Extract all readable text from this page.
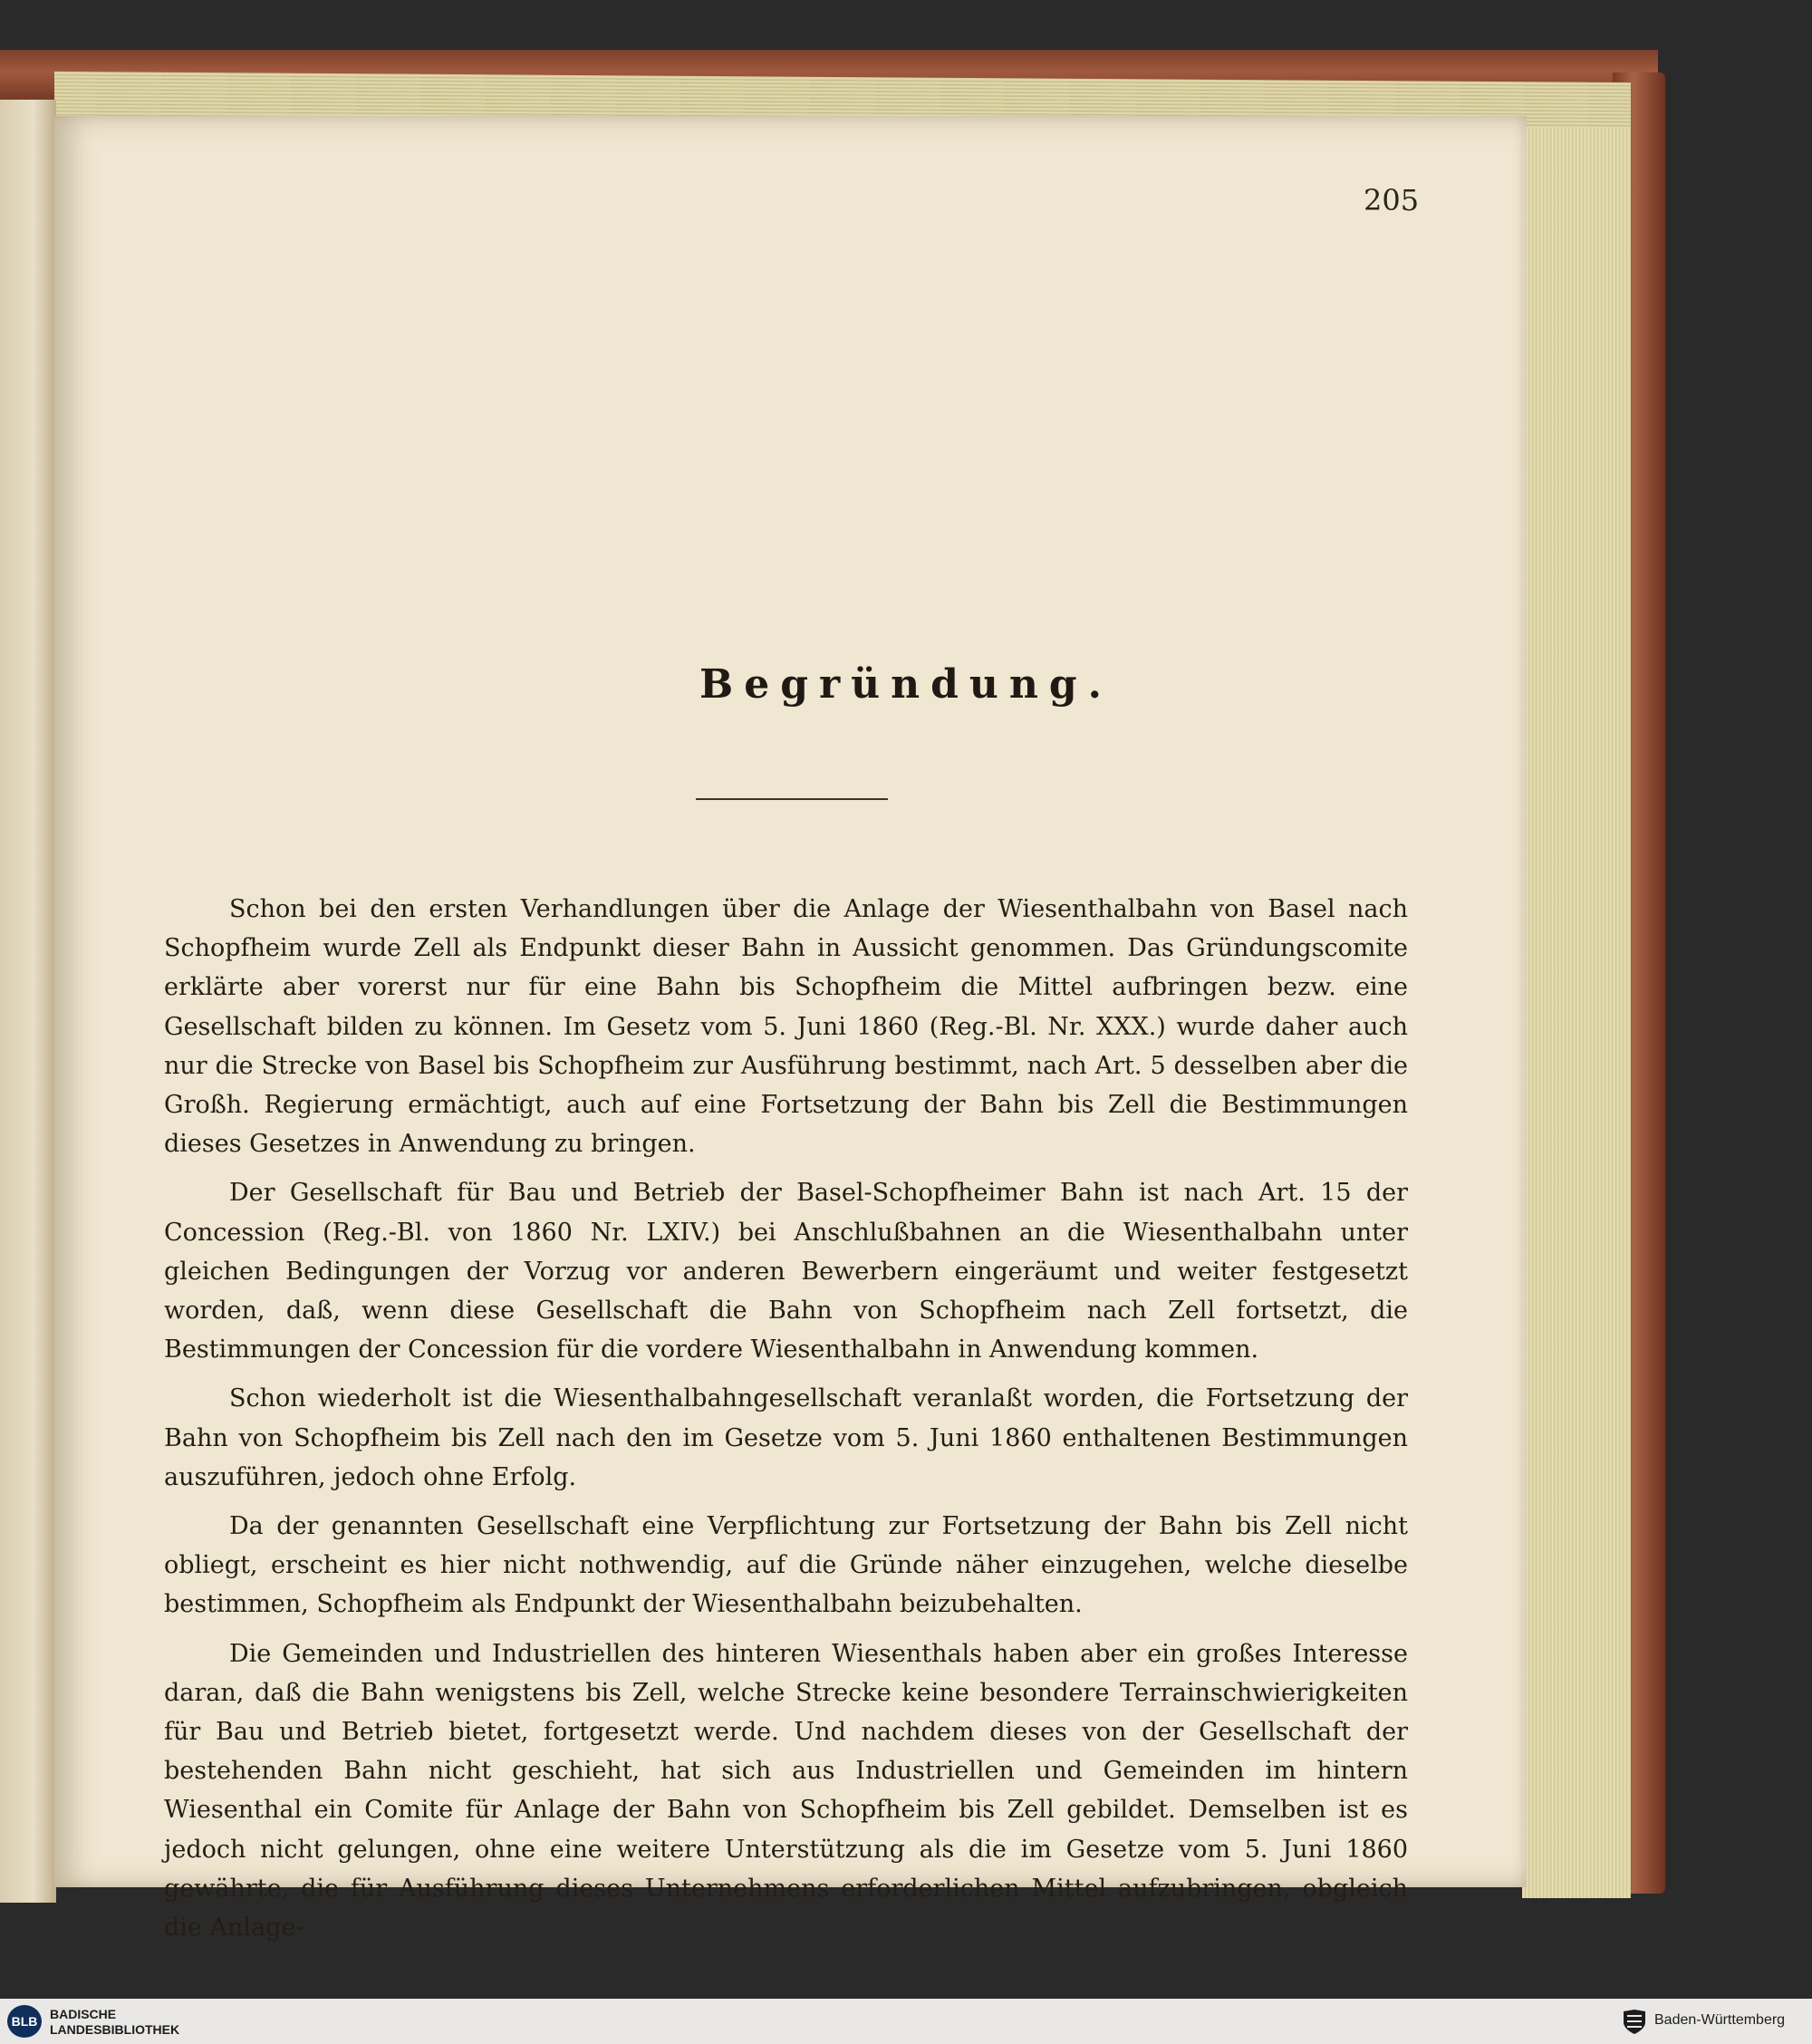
205
Begründung.

Schon bei den ersten Verhandlungen über die Anlage der Wiesenthalbahn von Basel nach Schopfheim wurde Zell als Endpunkt dieser Bahn in Aussicht genommen. Das Gründungscomite erklärte aber vorerst nur für eine Bahn bis Schopfheim die Mittel aufbringen bezw. eine Gesellschaft bilden zu können. Im Gesetz vom 5. Juni 1860 (Reg.-Bl. Nr. XXX.) wurde daher auch nur die Strecke von Basel bis Schopfheim zur Ausführung bestimmt, nach Art. 5 desselben aber die Großh. Regierung ermächtigt, auch auf eine Fortsetzung der Bahn bis Zell die Bestimmungen dieses Gesetzes in Anwendung zu bringen.

Der Gesellschaft für Bau und Betrieb der Basel-Schopfheimer Bahn ist nach Art. 15 der Concession (Reg.-Bl. von 1860 Nr. LXIV.) bei Anschlußbahnen an die Wiesenthalbahn unter gleichen Bedingungen der Vorzug vor anderen Bewerbern eingeräumt und weiter festgesetzt worden, daß, wenn diese Gesellschaft die Bahn von Schopfheim nach Zell fortsetzt, die Bestimmungen der Concession für die vordere Wiesenthalbahn in Anwendung kommen.

Schon wiederholt ist die Wiesenthalbahngesellschaft veranlaßt worden, die Fortsetzung der Bahn von Schopfheim bis Zell nach den im Gesetze vom 5. Juni 1860 enthaltenen Bestimmungen auszuführen, jedoch ohne Erfolg.

Da der genannten Gesellschaft eine Verpflichtung zur Fortsetzung der Bahn bis Zell nicht obliegt, erscheint es hier nicht nothwendig, auf die Gründe näher einzugehen, welche dieselbe bestimmen, Schopfheim als Endpunkt der Wiesenthalbahn beizubehalten.

Die Gemeinden und Industriellen des hinteren Wiesenthals haben aber ein großes Interesse daran, daß die Bahn wenigstens bis Zell, welche Strecke keine besondere Terrainschwierigkeiten für Bau und Betrieb bietet, fortgesetzt werde. Und nachdem dieses von der Gesellschaft der bestehenden Bahn nicht geschieht, hat sich aus Industriellen und Gemeinden im hintern Wiesenthal ein Comite für Anlage der Bahn von Schopfheim bis Zell gebildet. Demselben ist es jedoch nicht gelungen, ohne eine weitere Unterstützung als die im Gesetze vom 5. Juni 1860 gewährte, die für Ausführung dieses Unternehmens erforderlichen Mittel aufzubringen, obgleich die Anlage-

BLB BADISCHE
LANDESBIBLIOTHEK
Baden-Württemberg
